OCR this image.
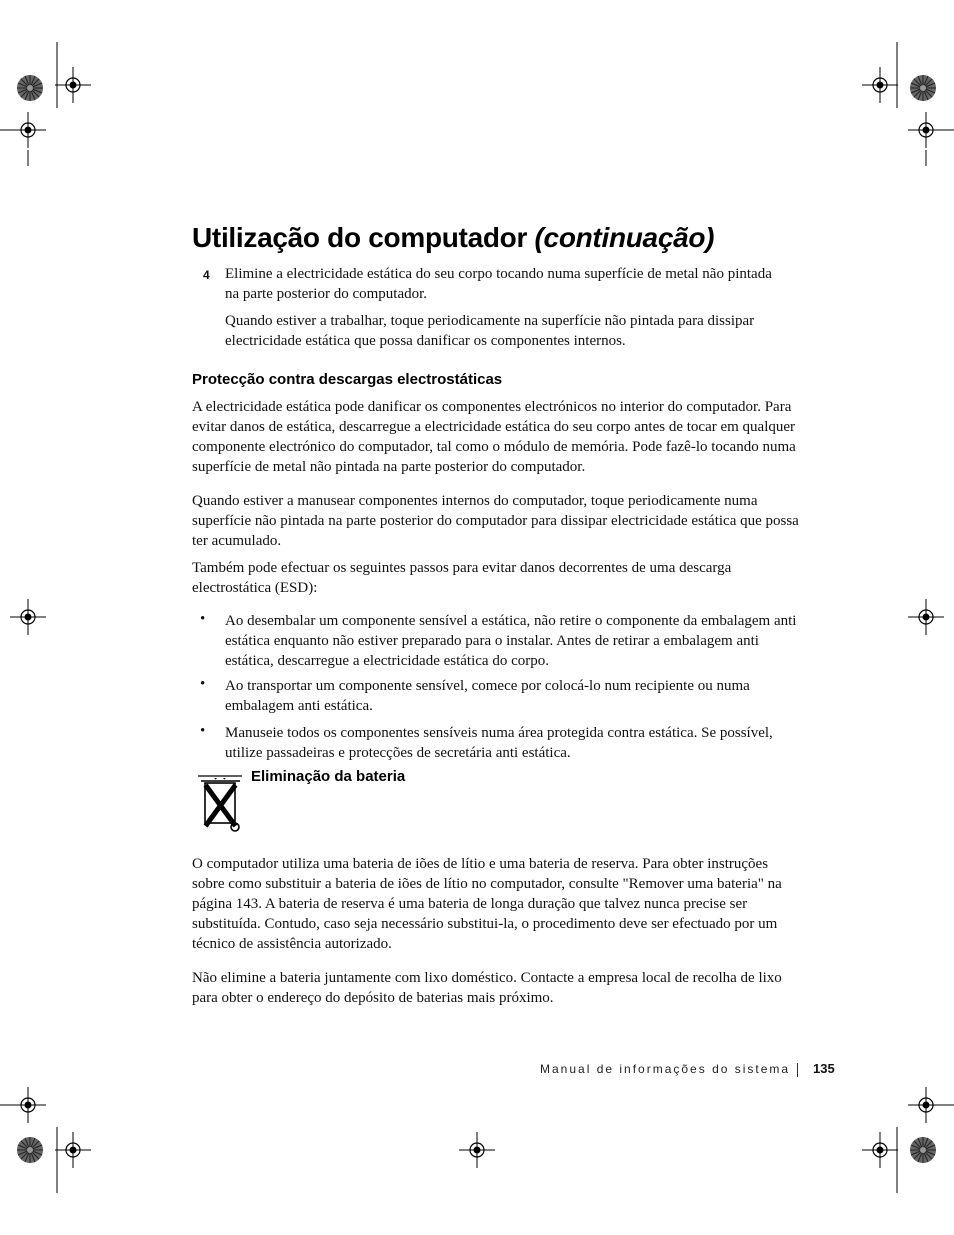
Utilização do computador (continuação)
4 Elimine a electricidade estática do seu corpo tocando numa superfície de metal não pintada na parte posterior do computador.

Quando estiver a trabalhar, toque periodicamente na superfície não pintada para dissipar electricidade estática que possa danificar os componentes internos.

Protecção contra descargas electrostáticas

A electricidade estática pode danificar os componentes electrónicos no interior do computador. Para evitar danos de estática, descarregue a electricidade estática do seu corpo antes de tocar em qualquer componente electrónico do computador, tal como o módulo de memória. Pode fazê-lo tocando numa superfície de metal não pintada na parte posterior do computador.

Quando estiver a manusear componentes internos do computador, toque periodicamente numa superfície não pintada na parte posterior do computador para dissipar electricidade estática que possa ter acumulado.

Também pode efectuar os seguintes passos para evitar danos decorrentes de uma descarga electrostática (ESD):

• Ao desembalar um componente sensível a estática, não retire o componente da embalagem anti estática enquanto não estiver preparado para o instalar. Antes de retirar a embalagem anti estática, descarregue a electricidade estática do corpo.

• Ao transportar um componente sensível, comece por colocá-lo num recipiente ou numa embalagem anti estática.

• Manuseie todos os componentes sensíveis numa área protegida contra estática. Se possível, utilize passadeiras e protecções de secretária anti estática.

Eliminação da bateria

O computador utiliza uma bateria de iões de lítio e uma bateria de reserva. Para obter instruções sobre como substituir a bateria de iões de lítio no computador, consulte "Remover uma bateria" na página 143. A bateria de reserva é uma bateria de longa duração que talvez nunca precise ser substituída. Contudo, caso seja necessário substitui-la, o procedimento deve ser efectuado por um técnico de assistência autorizado.

Não elimine a bateria juntamente com lixo doméstico. Contacte a empresa local de recolha de lixo para obter o endereço do depósito de baterias mais próximo.

Manual de informações do sistema 135
